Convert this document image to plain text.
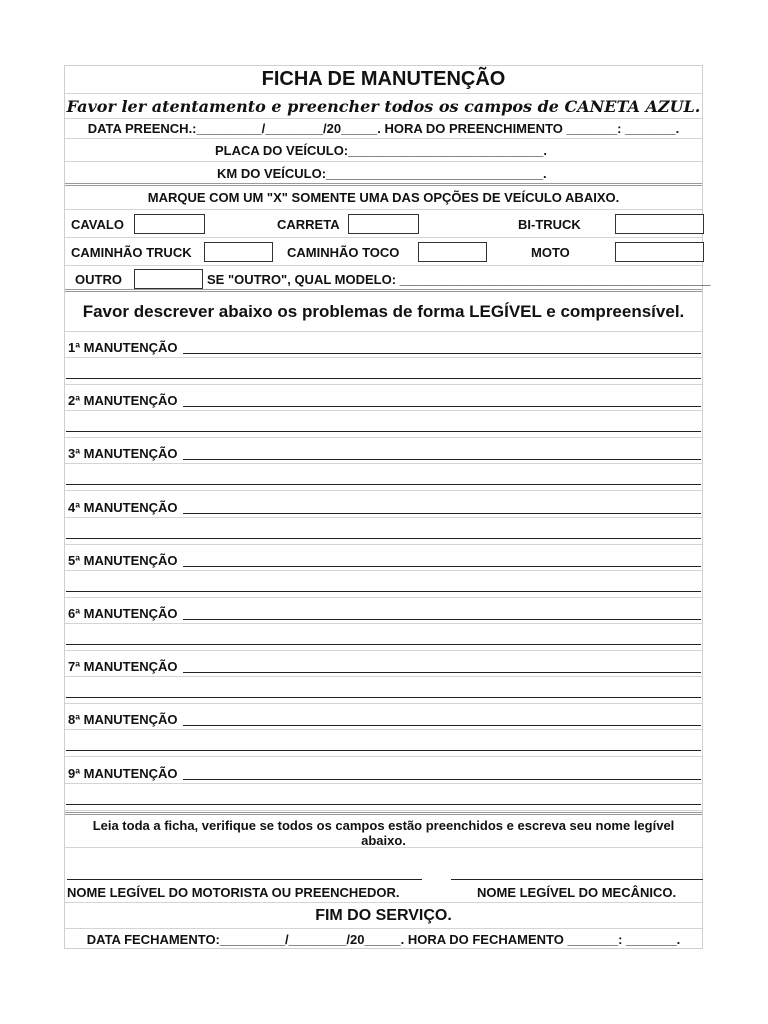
FICHA DE MANUTENÇÃO
Favor ler atentamento e preencher todos os campos de CANETA AZUL.
DATA PREENCH.:_________/________/20_____. HORA DO PREENCHIMENTO _______: _______.
PLACA DO VEÍCULO:___________________________.
KM DO VEÍCULO:______________________________.
MARQUE COM UM "X" SOMENTE UMA DAS OPÇÕES DE VEÍCULO ABAIXO.
CAVALO	CARRETA	BI-TRUCK
CAMINHÃO TRUCK	CAMINHÃO TOCO	MOTO
OUTRO	SE "OUTRO", QUAL MODELO: ___________________________________________
Favor descrever abaixo os problemas de forma LEGÍVEL e compreensível.
1ª MANUTENÇÃO
2ª MANUTENÇÃO
3ª MANUTENÇÃO
4ª MANUTENÇÃO
5ª MANUTENÇÃO
6ª MANUTENÇÃO
7ª MANUTENÇÃO
8ª MANUTENÇÃO
9ª MANUTENÇÃO
Leia toda a ficha, verifique se todos os campos estão preenchidos e escreva seu nome legível abaixo.
NOME LEGÍVEL DO MOTORISTA OU PREENCHEDOR.	NOME LEGÍVEL DO MECÂNICO.
FIM DO SERVIÇO.
DATA FECHAMENTO:_________/________/20_____. HORA DO FECHAMENTO _______: _______.
